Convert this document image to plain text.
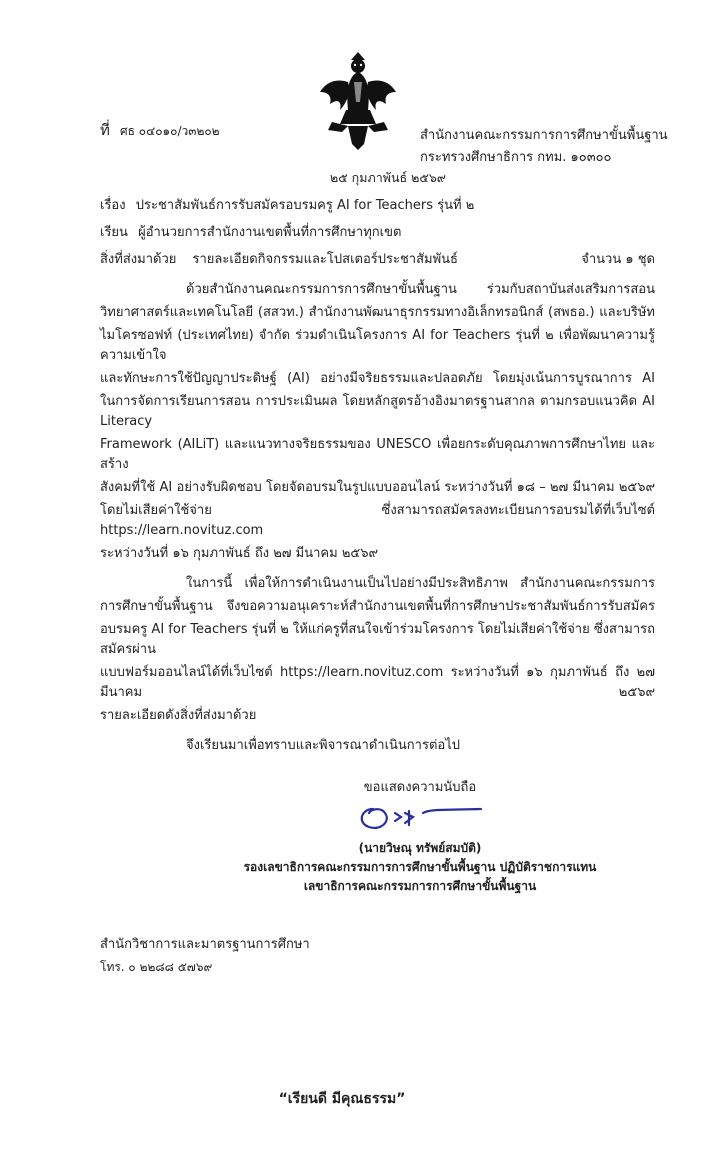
ที่ ศธ ๐๔๐๑๐/ว๓๒๐๒	สำนักงานคณะกรรมการการศึกษาขั้นพื้นฐาน
กระทรวงศึกษาธิการ กทม. ๑๐๓๐๐
๒๕ กุมภาพันธ์ ๒๕๖๙
เรื่อง ประชาสัมพันธ์การรับสมัครอบรมครู AI for Teachers รุ่นที่ ๒
เรียน ผู้อำนวยการสำนักงานเขตพื้นที่การศึกษาทุกเขต
สิ่งที่ส่งมาด้วย รายละเอียดกิจกรรมและโปสเตอร์ประชาสัมพันธ์	จำนวน ๑ ชุด
ด้วยสำนักงานคณะกรรมการการศึกษาขั้นพื้นฐาน ร่วมกับสถาบันส่งเสริมการสอน
วิทยาศาสตร์และเทคโนโลยี (สสวท.) สำนักงานพัฒนาธุรกรรมทางอิเล็กทรอนิกส์ (สพธอ.) และบริษัท
ไมโครซอฟท์ (ประเทศไทย) จำกัด ร่วมดำเนินโครงการ AI for Teachers รุ่นที่ ๒ เพื่อพัฒนาความรู้ ความเข้าใจ
และทักษะการใช้ปัญญาประดิษฐ์ (AI) อย่างมีจริยธรรมและปลอดภัย โดยมุ่งเน้นการบูรณาการ AI
ในการจัดการเรียนการสอน การประเมินผล โดยหลักสูตรอ้างอิงมาตรฐานสากล ตามกรอบแนวคิด AI Literacy
Framework (AILiT) และแนวทางจริยธรรมของ UNESCO เพื่อยกระดับคุณภาพการศึกษาไทย และสร้าง
สังคมที่ใช้ AI อย่างรับผิดชอบ โดยจัดอบรมในรูปแบบออนไลน์ ระหว่างวันที่ ๑๘ – ๒๗ มีนาคม ๒๕๖๙
โดยไม่เสียค่าใช้จ่าย ซึ่งสามารถสมัครลงทะเบียนการอบรมได้ที่เว็บไซต์ https://learn.novituz.com
ระหว่างวันที่ ๑๖ กุมภาพันธ์ ถึง ๒๗ มีนาคม ๒๕๖๙
ในการนี้ เพื่อให้การดำเนินงานเป็นไปอย่างมีประสิทธิภาพ สำนักงานคณะกรรมการ
การศึกษาขั้นพื้นฐาน จึงขอความอนุเคราะห์สำนักงานเขตพื้นที่การศึกษาประชาสัมพันธ์การรับสมัคร
อบรมครู AI for Teachers รุ่นที่ ๒ ให้แก่ครูที่สนใจเข้าร่วมโครงการ โดยไม่เสียค่าใช้จ่าย ซึ่งสามารถสมัครผ่าน
แบบฟอร์มออนไลน์ได้ที่เว็บไซต์ https://learn.novituz.com ระหว่างวันที่ ๑๖ กุมภาพันธ์ ถึง ๒๗ มีนาคม ๒๕๖๙
รายละเอียดดังสิ่งที่ส่งมาด้วย
จึงเรียนมาเพื่อทราบและพิจารณาดำเนินการต่อไป
ขอแสดงความนับถือ
(นายวิษณุ ทรัพย์สมบัติ)
รองเลขาธิการคณะกรรมการการศึกษาขั้นพื้นฐาน ปฏิบัติราชการแทน
เลขาธิการคณะกรรมการการศึกษาขั้นพื้นฐาน
สำนักวิชาการและมาตรฐานการศึกษา
โทร. ๐ ๒๒๘๘ ๕๗๖๙
“เรียนดี มีคุณธรรม”
